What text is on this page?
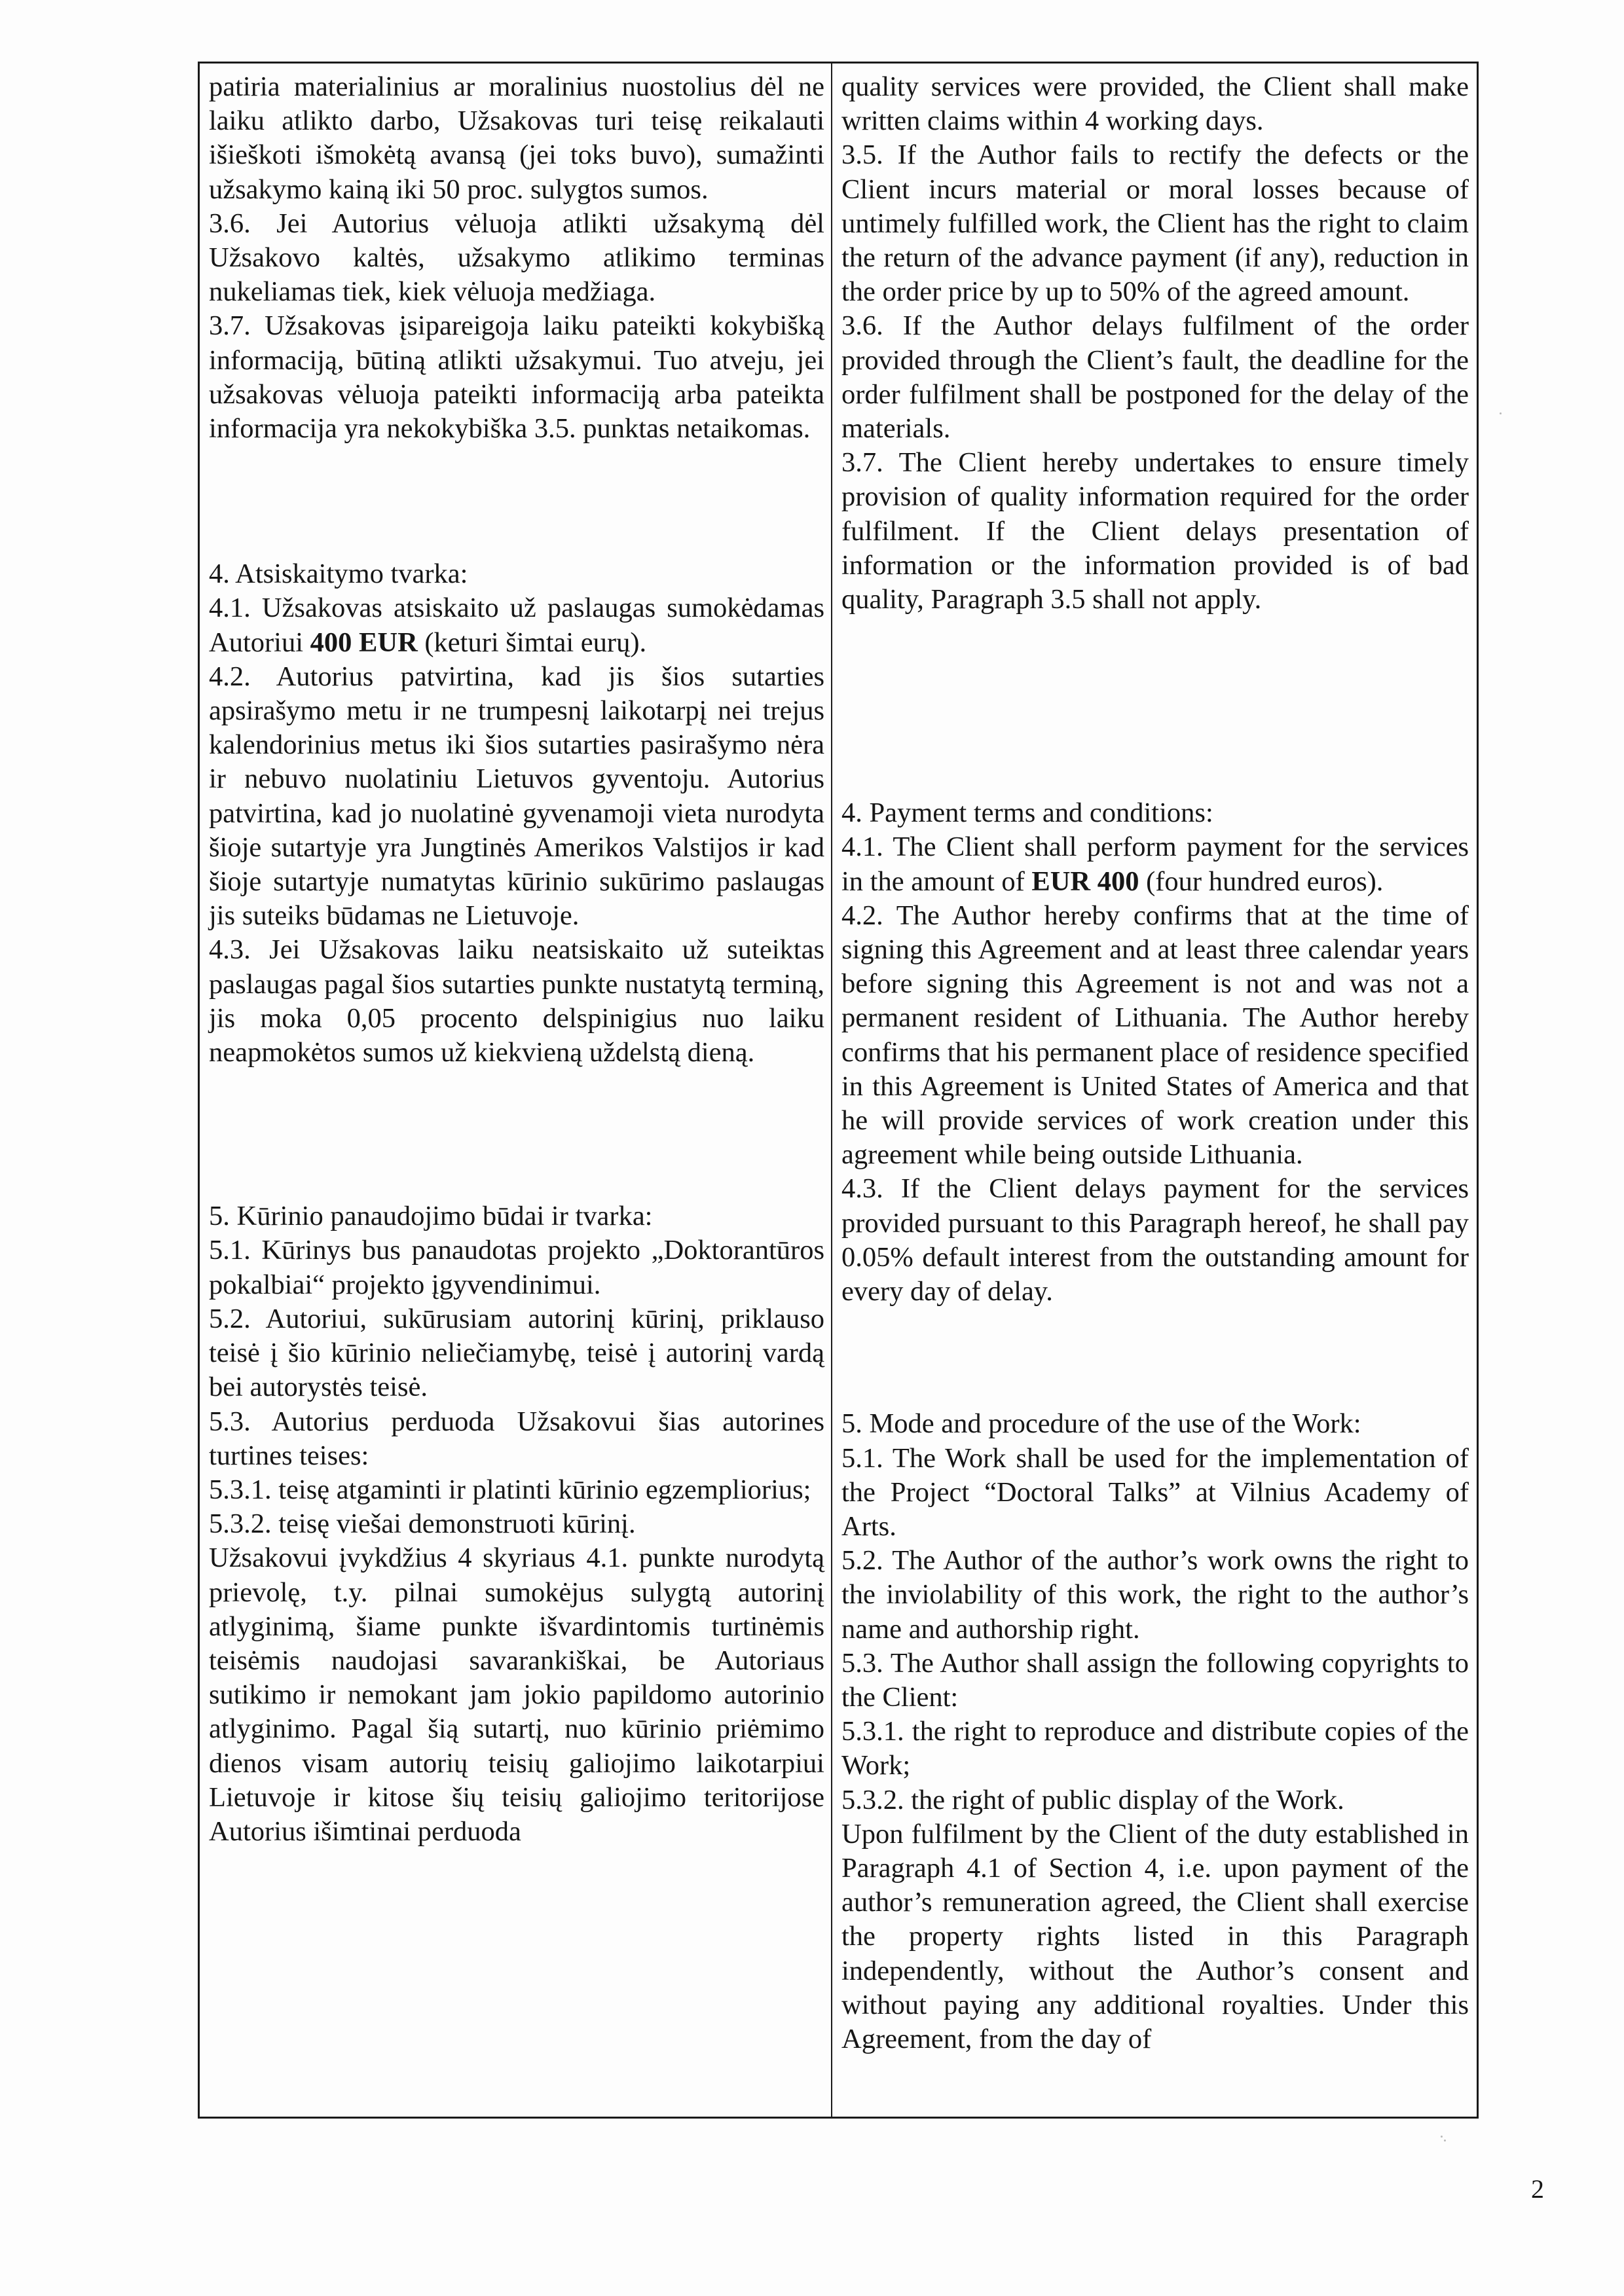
patiria materialinius ar moralinius nuostolius dėl ne laiku atlikto darbo, Užsakovas turi teisę reikalauti išieškoti išmokėtą avansą (jei toks buvo), sumažinti užsakymo kainą iki 50 proc. sulygtos sumos.

3.6. Jei Autorius vėluoja atlikti užsakymą dėl Užsakovo kaltės, užsakymo atlikimo terminas nukeliamas tiek, kiek vėluoja medžiaga.

3.7. Užsakovas įsipareigoja laiku pateikti kokybišką informaciją, būtiną atlikti užsakymui. Tuo atveju, jei užsakovas vėluoja pateikti informaciją arba pateikta informacija yra nekokybiška 3.5. punktas netaikomas.

4. Atsiskaitymo tvarka:

4.1. Užsakovas atsiskaito už paslaugas sumokėdamas Autoriui 400 EUR (keturi šimtai eurų).

4.2. Autorius patvirtina, kad jis šios sutarties apsirašymo metu ir ne trumpesnį laikotarpį nei trejus kalendorinius metus iki šios sutarties pasirašymo nėra ir nebuvo nuolatiniu Lietuvos gyventoju. Autorius patvirtina, kad jo nuolatinė gyvenamoji vieta nurodyta šioje sutartyje yra Jungtinės Amerikos Valstijos ir kad šioje sutartyje numatytas kūrinio sukūrimo paslaugas jis suteiks būdamas ne Lietuvoje.

4.3. Jei Užsakovas laiku neatsiskaito už suteiktas paslaugas pagal šios sutarties punkte nustatytą terminą, jis moka 0,05 procento delspinigius nuo laiku neapmokėtos sumos už kiekvieną uždelstą dieną.

5. Kūrinio panaudojimo būdai ir tvarka:

5.1. Kūrinys bus panaudotas projekto „Doktorantūros pokalbiai“ projekto įgyvendinimui.

5.2. Autoriui, sukūrusiam autorinį kūrinį, priklauso teisė į šio kūrinio neliečiamybę, teisė į autorinį vardą bei autorystės teisė.

5.3. Autorius perduoda Užsakovui šias autorines turtines teises:

5.3.1. teisę atgaminti ir platinti kūrinio egzempliorius;

5.3.2. teisę viešai demonstruoti kūrinį.

Užsakovui įvykdžius 4 skyriaus 4.1. punkte nurodytą prievolę, t.y. pilnai sumokėjus sulygtą autorinį atlyginimą, šiame punkte išvardintomis turtinėmis teisėmis naudojasi savarankiškai, be Autoriaus sutikimo ir nemokant jam jokio papildomo autorinio atlyginimo. Pagal šią sutartį, nuo kūrinio priėmimo dienos visam autorių teisių galiojimo laikotarpiui Lietuvoje ir kitose šių teisių galiojimo teritorijose Autorius išimtinai perduoda

quality services were provided, the Client shall make written claims within 4 working days.

3.5. If the Author fails to rectify the defects or the Client incurs material or moral losses because of untimely fulfilled work, the Client has the right to claim the return of the advance payment (if any), reduction in the order price by up to 50% of the agreed amount.

3.6. If the Author delays fulfilment of the order provided through the Client’s fault, the deadline for the order fulfilment shall be postponed for the delay of the materials.

3.7. The Client hereby undertakes to ensure timely provision of quality information required for the order fulfilment. If the Client delays presentation of information or the information provided is of bad quality, Paragraph 3.5 shall not apply.

4. Payment terms and conditions:

4.1. The Client shall perform payment for the services in the amount of EUR 400 (four hundred euros).

4.2. The Author hereby confirms that at the time of signing this Agreement and at least three calendar years before signing this Agreement is not and was not a permanent resident of Lithuania. The Author hereby confirms that his permanent place of residence specified in this Agreement is United States of America and that he will provide services of work creation under this agreement while being outside Lithuania.

4.3. If the Client delays payment for the services provided pursuant to this Paragraph hereof, he shall pay 0.05% default interest from the outstanding amount for every day of delay.

5. Mode and procedure of the use of the Work:

5.1. The Work shall be used for the implementation of the Project “Doctoral Talks” at Vilnius Academy of Arts.

5.2. The Author of the author’s work owns the right to the inviolability of this work, the right to the author’s name and authorship right.

5.3. The Author shall assign the following copyrights to the Client:

5.3.1. the right to reproduce and distribute copies of the Work;

5.3.2. the right of public display of the Work.

Upon fulfilment by the Client of the duty established in Paragraph 4.1 of Section 4, i.e. upon payment of the author’s remuneration agreed, the Client shall exercise the property rights listed in this Paragraph independently, without the Author’s consent and without paying any additional royalties. Under this Agreement, from the day of

2
